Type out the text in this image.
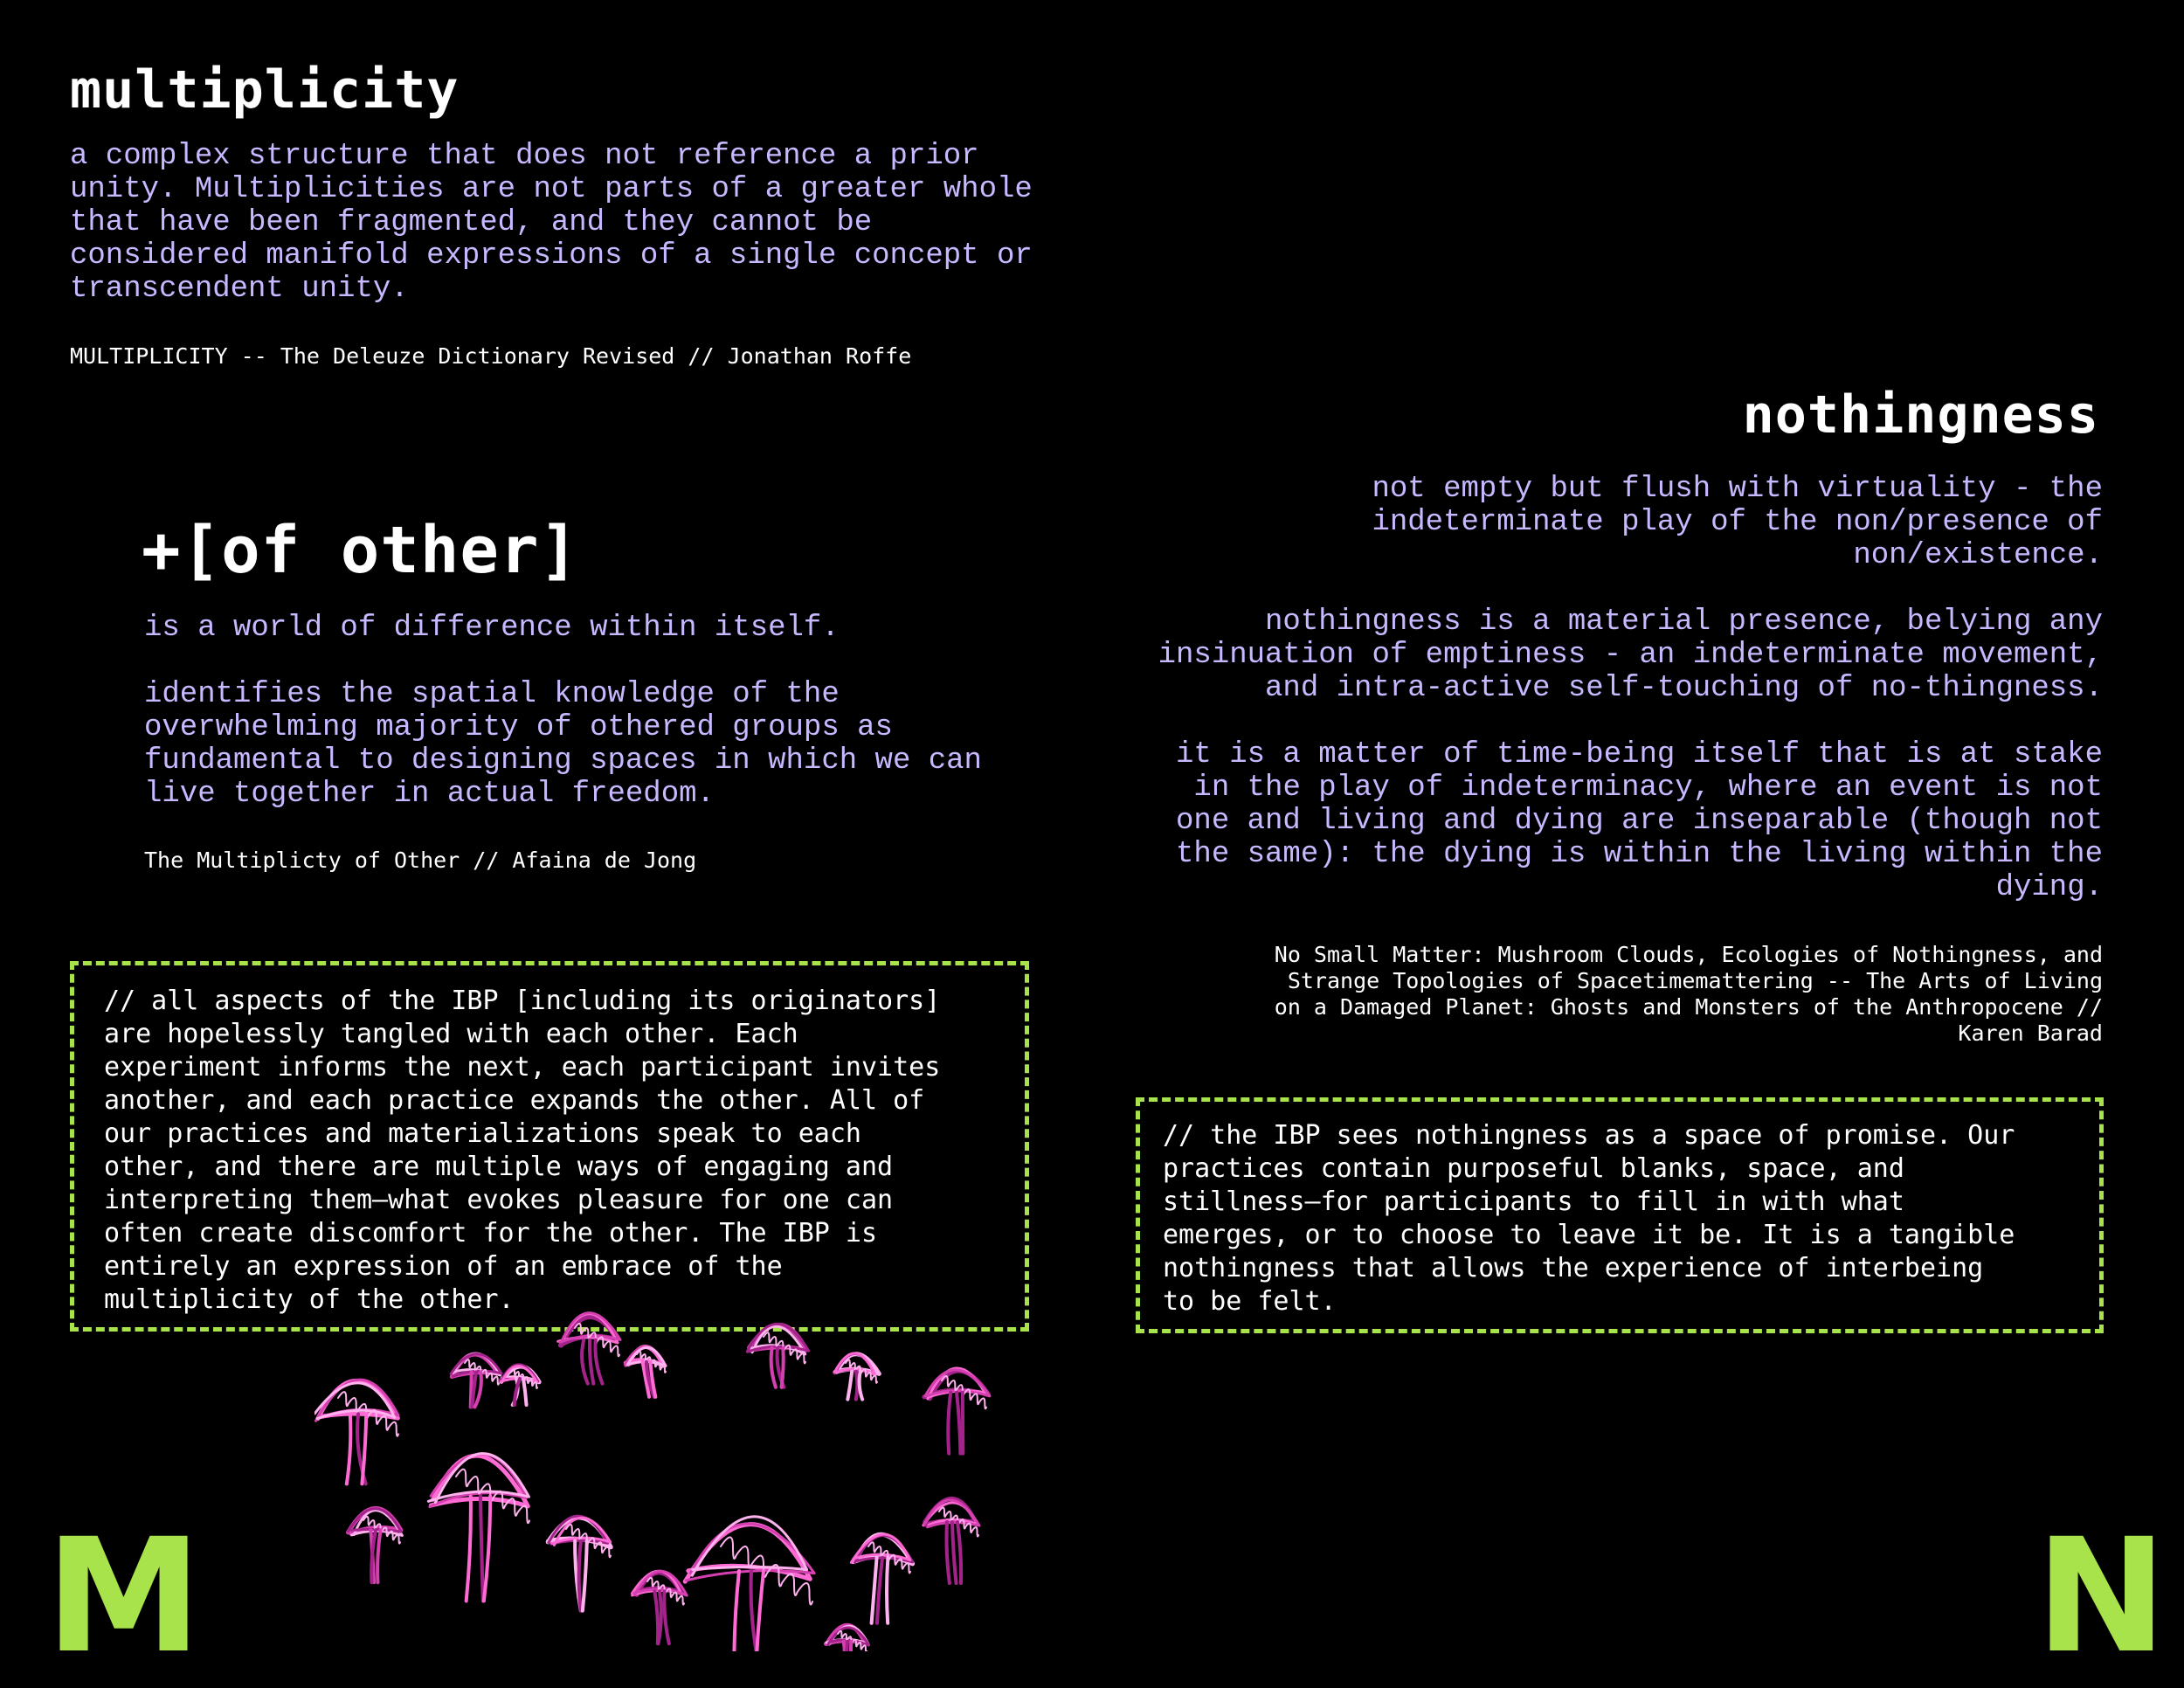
multiplicity

a complex structure that does not reference a prior
unity. Multiplicities are not parts of a greater whole
that have been fragmented, and they cannot be
considered manifold expressions of a single concept or
transcendent unity.

MULTIPLICITY -- The Deleuze Dictionary Revised // Jonathan Roffe

+[of other]

is a world of difference within itself.

identifies the spatial knowledge of the
overwhelming majority of othered groups as
fundamental to designing spaces in which we can
live together in actual freedom.

The Multiplicty of Other // Afaina de Jong

// all aspects of the IBP [including its originators]
are hopelessly tangled with each other. Each
experiment informs the next, each participant invites
another, and each practice expands the other. All of
our practices and materializations speak to each
other, and there are multiple ways of engaging and
interpreting them—what evokes pleasure for one can
often create discomfort for the other. The IBP is
entirely an expression of an embrace of the
multiplicity of the other.

M
nothingness

not empty but flush with virtuality - the
indeterminate play of the non/presence of
non/existence.

nothingness is a material presence, belying any
insinuation of emptiness - an indeterminate movement,
and intra-active self-touching of no-thingness.

it is a matter of time-being itself that is at stake
in the play of indeterminacy, where an event is not
one and living and dying are inseparable (though not
the same): the dying is within the living within the
dying.

No Small Matter: Mushroom Clouds, Ecologies of Nothingness, and
Strange Topologies of Spacetimemattering -- The Arts of Living
on a Damaged Planet: Ghosts and Monsters of the Anthropocene //
Karen Barad

// the IBP sees nothingness as a space of promise. Our
practices contain purposeful blanks, space, and
stillness—for participants to fill in with what
emerges, or to choose to leave it be. It is a tangible
nothingness that allows the experience of interbeing
to be felt.

N
